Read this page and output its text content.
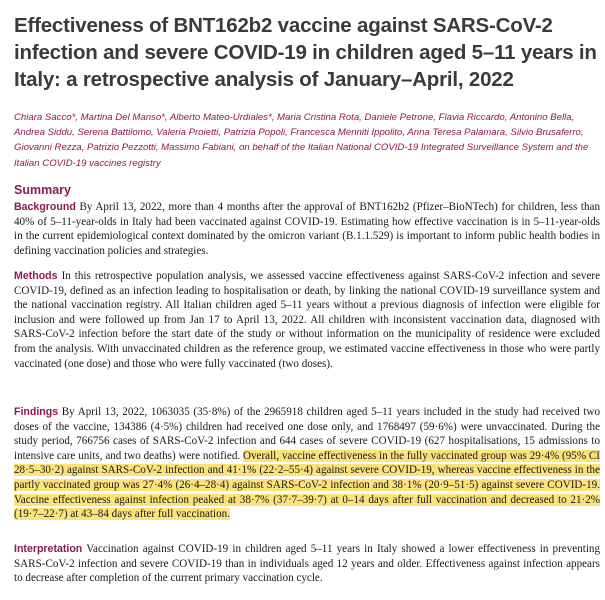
Effectiveness of BNT162b2 vaccine against SARS-CoV-2 infection and severe COVID-19 in children aged 5–11 years in Italy: a retrospective analysis of January–April, 2022
Chiara Sacco*, Martina Del Manso*, Alberto Mateo-Urdiales*, Maria Cristina Rota, Daniele Petrone, Flavia Riccardo, Antonino Bella, Andrea Siddu, Serena Battilomo, Valeria Proietti, Patrizia Popoli, Francesca Menniti Ippolito, Anna Teresa Palamara, Silvio Brusaferro, Giovanni Rezza, Patrizio Pezzotti, Massimo Fabiani, on behalf of the Italian National COVID-19 Integrated Surveillance System and the Italian COVID-19 vaccines registry
Summary
Background By April 13, 2022, more than 4 months after the approval of BNT162b2 (Pfizer–BioNTech) for children, less than 40% of 5–11-year-olds in Italy had been vaccinated against COVID-19. Estimating how effective vaccination is in 5–11-year-olds in the current epidemiological context dominated by the omicron variant (B.1.1.529) is important to inform public health bodies in defining vaccination policies and strategies.
Methods In this retrospective population analysis, we assessed vaccine effectiveness against SARS-CoV-2 infection and severe COVID-19, defined as an infection leading to hospitalisation or death, by linking the national COVID-19 surveillance system and the national vaccination registry. All Italian children aged 5–11 years without a previous diagnosis of infection were eligible for inclusion and were followed up from Jan 17 to April 13, 2022. All children with inconsistent vaccination data, diagnosed with SARS-CoV-2 infection before the start date of the study or without information on the municipality of residence were excluded from the analysis. With unvaccinated children as the reference group, we estimated vaccine effectiveness in those who were partly vaccinated (one dose) and those who were fully vaccinated (two doses).
Findings By April 13, 2022, 1063035 (35·8%) of the 2965918 children aged 5–11 years included in the study had received two doses of the vaccine, 134386 (4·5%) children had received one dose only, and 1768497 (59·6%) were unvaccinated. During the study period, 766756 cases of SARS-CoV-2 infection and 644 cases of severe COVID-19 (627 hospitalisations, 15 admissions to intensive care units, and two deaths) were notified. Overall, vaccine effectiveness in the fully vaccinated group was 29·4% (95% CI 28·5–30·2) against SARS-CoV-2 infection and 41·1% (22·2–55·4) against severe COVID-19, whereas vaccine effectiveness in the partly vaccinated group was 27·4% (26·4–28·4) against SARS-CoV-2 infection and 38·1% (20·9–51·5) against severe COVID-19. Vaccine effectiveness against infection peaked at 38·7% (37·7–39·7) at 0–14 days after full vaccination and decreased to 21·2% (19·7–22·7) at 43–84 days after full vaccination.
Interpretation Vaccination against COVID-19 in children aged 5–11 years in Italy showed a lower effectiveness in preventing SARS-CoV-2 infection and severe COVID-19 than in individuals aged 12 years and older. Effectiveness against infection appears to decrease after completion of the current primary vaccination cycle.
